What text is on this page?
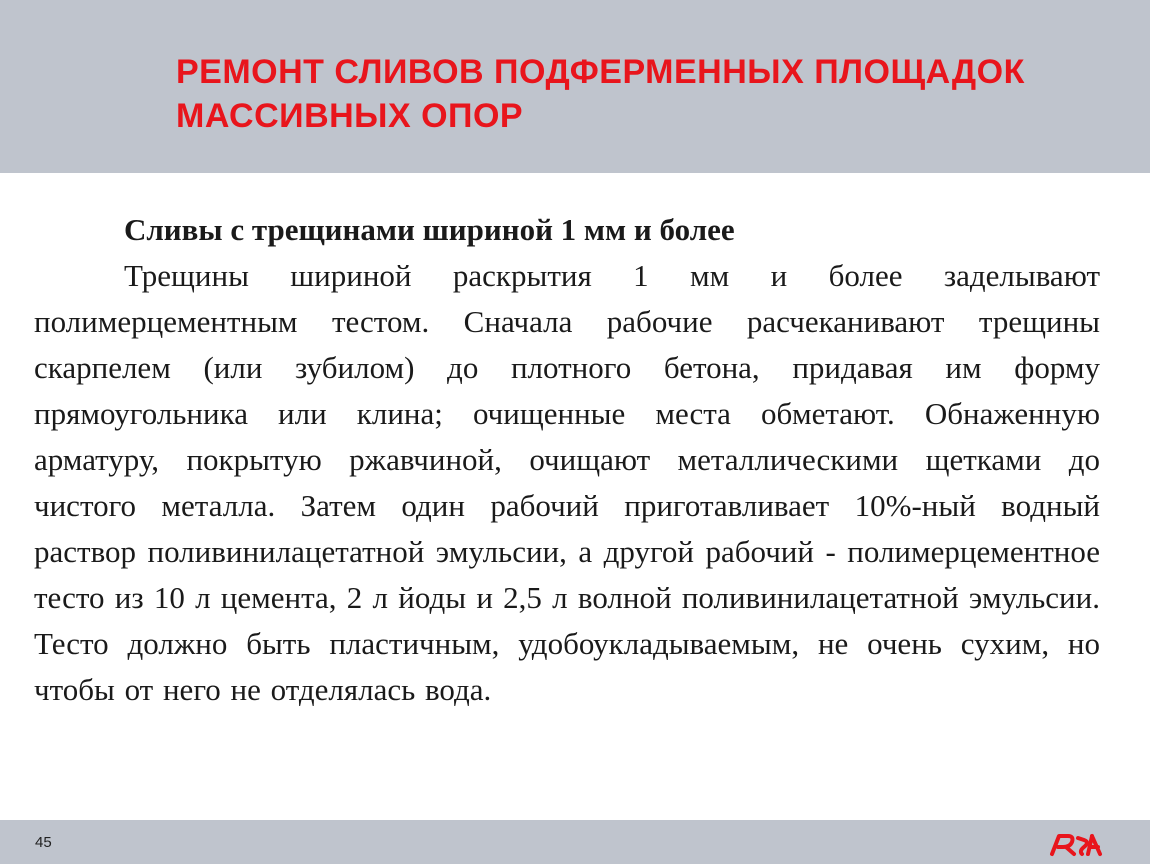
РЕМОНТ СЛИВОВ ПОДФЕРМЕННЫХ ПЛОЩАДОК МАССИВНЫХ ОПОР

Сливы с трещинами шириной 1 мм и более

Трещины шириной раскрытия 1 мм и более заделывают полимерцементным тестом. Сначала рабочие расчеканивают трещины скарпелем (или зубилом) до плотного бетона, придавая им форму прямоугольника или клина; очищенные места обметают. Обнаженную арматуру, покрытую ржавчиной, очищают металлическими щетками до чистого металла. Затем один рабочий приготавливает 10%-ный водный раствор поливинилацетатной эмульсии, а другой рабочий - полимерцементное тесто из 10 л цемента, 2 л йоды и 2,5 л волной поливинилацетатной эмульсии. Тесто должно быть пластичным, удобоукладываемым, не очень сухим, но чтобы от него не отделялась вода.

45
